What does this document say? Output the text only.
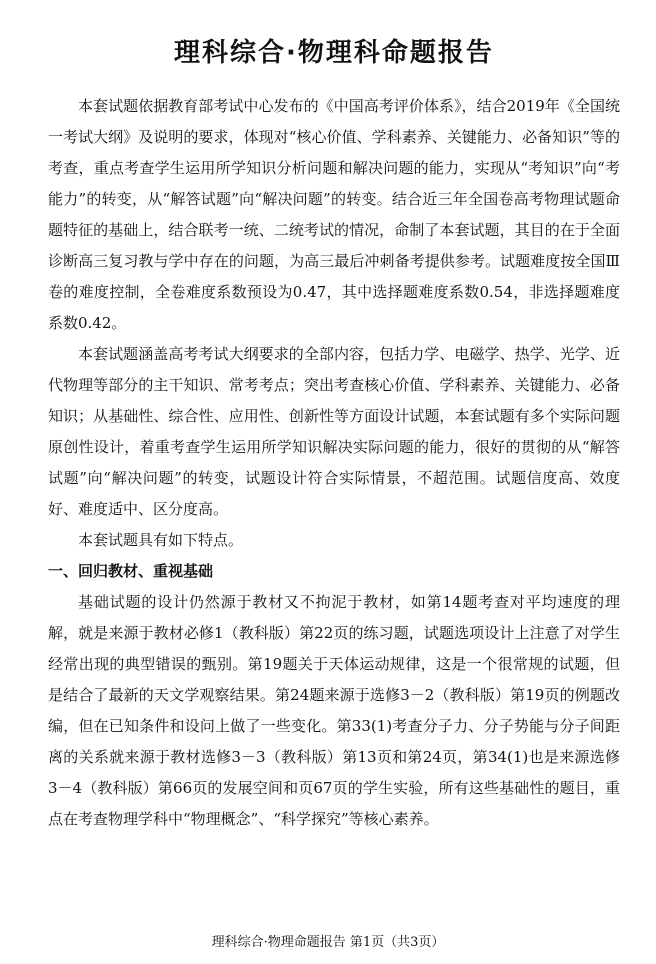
理科综合·物理科命题报告

本套试题依据教育部考试中心发布的《中国高考评价体系》，结合2019年《全国统一考试大纲》及说明的要求，体现对“核心价值、学科素养、关键能力、必备知识”等的考查，重点考查学生运用所学知识分析问题和解决问题的能力，实现从“考知识”向“考能力”的转变，从“解答试题”向“解决问题”的转变。结合近三年全国卷高考物理试题命题特征的基础上，结合联考一统、二统考试的情况，命制了本套试题，其目的在于全面诊断高三复习教与学中存在的问题，为高三最后冲刺备考提供参考。试题难度按全国Ⅲ卷的难度控制，全卷难度系数预设为0.47，其中选择题难度系数0.54，非选择题难度系数0.42。

本套试题涵盖高考考试大纲要求的全部内容，包括力学、电磁学、热学、光学、近代物理等部分的主干知识、常考考点；突出考查核心价值、学科素养、关键能力、必备知识；从基础性、综合性、应用性、创新性等方面设计试题，本套试题有多个实际问题原创性设计，着重考查学生运用所学知识解决实际问题的能力，很好的贯彻的从“解答试题”向“解决问题”的转变，试题设计符合实际情景，不超范围。试题信度高、效度好、难度适中、区分度高。

本套试题具有如下特点。

一、回归教材、重视基础

基础试题的设计仍然源于教材又不拘泥于教材，如第14题考查对平均速度的理解，就是来源于教材必修1（教科版）第22页的练习题，试题选项设计上注意了对学生经常出现的典型错误的甄别。第19题关于天体运动规律，这是一个很常规的试题，但是结合了最新的天文学观察结果。第24题来源于选修3－2（教科版）第19页的例题改编，但在已知条件和设问上做了一些变化。第33(1)考查分子力、分子势能与分子间距离的关系就来源于教材选修3－3（教科版）第13页和第24页，第34(1)也是来源选修3－4（教科版）第66页的发展空间和页67页的学生实验，所有这些基础性的题目，重点在考查物理学科中“物理概念”、“科学探究”等核心素养。

理科综合·物理命题报告 第1页（共3页）
